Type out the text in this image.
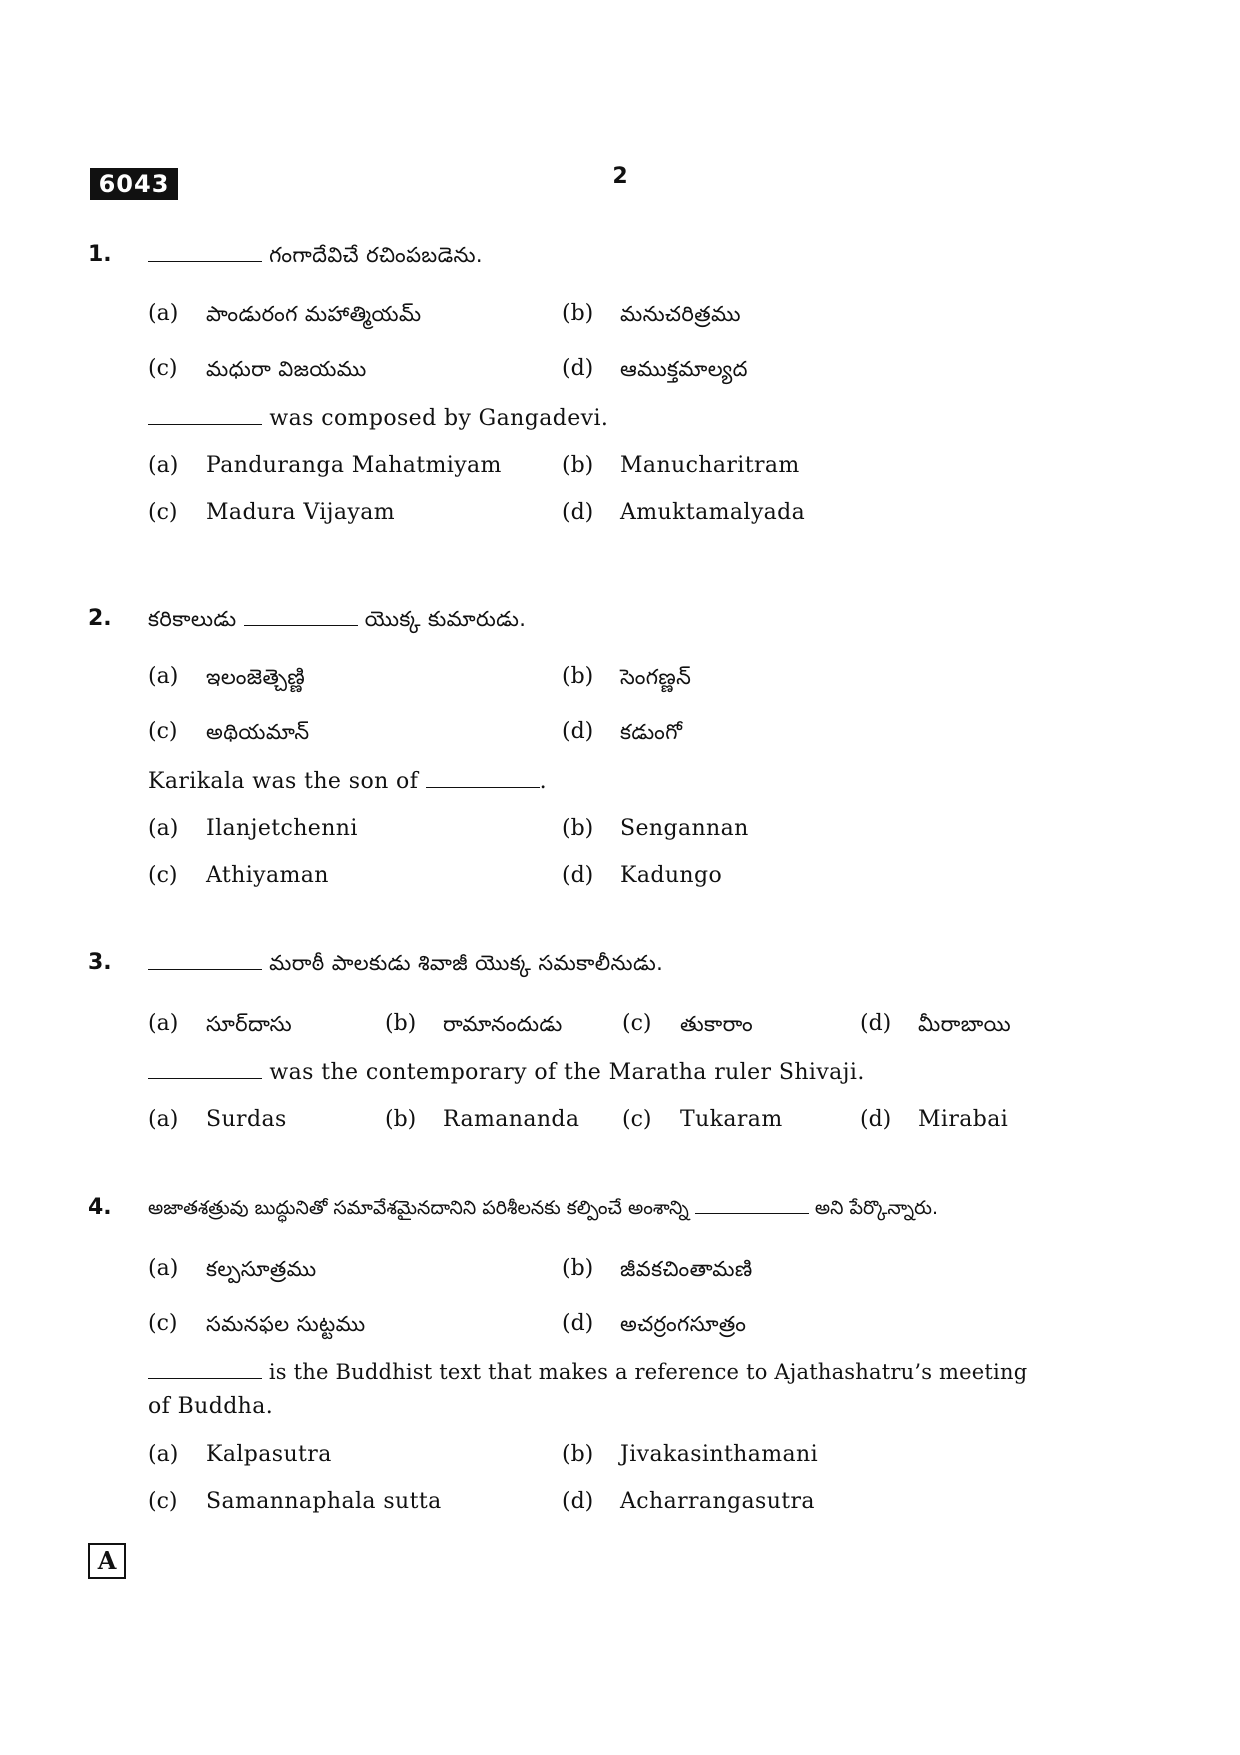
6043	2
1.	గంగాదేవిచే రచింపబడెను.
(a) పాండురంగ మహాత్మియమ్	(b) మనుచరిత్రము
(c) మధురా విజయము	(d) ఆముక్తమాల్యద
was composed by Gangadevi.
(a) Panduranga Mahatmiyam	(b) Manucharitram
(c) Madura Vijayam	(d) Amuktamalyada
2. కరికాలుడు	యొక్క కుమారుడు.
(a) ఇలంజెత్చెణ్ణి	(b) సెంగణ్ణన్
(c) అథియమాన్	(d) కడుంగో
Karikala was the son of	.
(a) Ilanjetchenni	(b) Sengannan
(c) Athiyaman	(d) Kadungo
3.	మరాఠీ పాలకుడు శివాజీ యొక్క సమకాలీనుడు.
(a) సూర్‌దాసు	(b) రామానందుడు	(c) తుకారాం	(d) మీరాబాయి
was the contemporary of the Maratha ruler Shivaji.
(a) Surdas	(b) Ramananda (c) Tukaram	(d) Mirabai
4. అజాతశత్రువు బుద్ధునితో సమావేశమైనదానిని పరిశీలనకు కల్పించే అంశాన్ని	అని పేర్కొన్నారు.
(a) కల్పసూత్రము	(b) జీవకచింతామణి
(c) సమనఫల సుట్టము	(d) అచర్రంగసూత్రం
is the Buddhist text that makes a reference to Ajathashatru’s meeting
of Buddha.
(a) Kalpasutra	(b) Jivakasinthamani
(c) Samannaphala sutta	(d) Acharrangasutra
A
